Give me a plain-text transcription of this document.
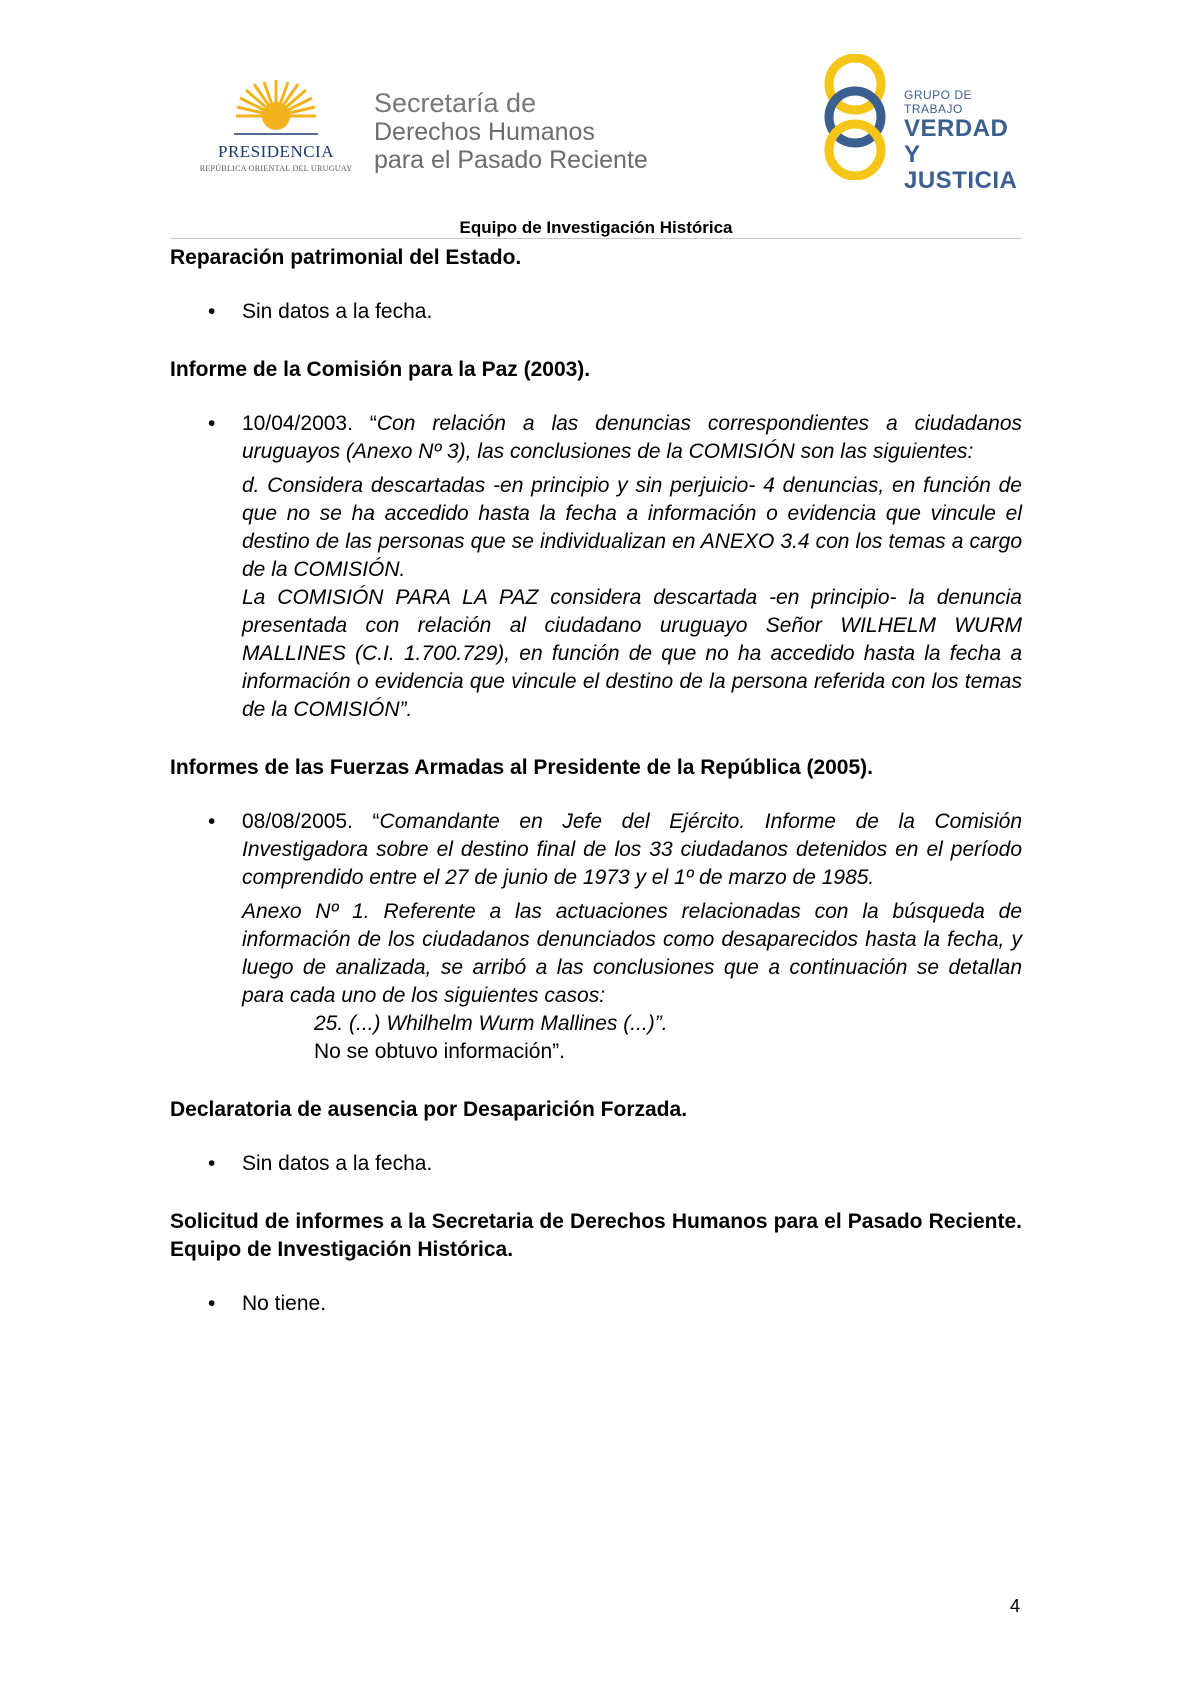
PRESIDENCIA
REPÚBLICA ORIENTAL DEL URUGUAY
Secretaría de
Derechos Humanos
para el Pasado Reciente
GRUPO DE TRABAJO
VERDAD Y
JUSTICIA
Equipo de Investigación Histórica

Reparación patrimonial del Estado.

• Sin datos a la fecha.

Informe de la Comisión para la Paz (2003).

• 10/04/2003. “Con relación a las denuncias correspondientes a ciudadanos uruguayos (Anexo Nº 3), las conclusiones de la COMISIÓN son las siguientes:

d. Considera descartadas -en principio y sin perjuicio- 4 denuncias, en función de que no se ha accedido hasta la fecha a información o evidencia que vincule el destino de las personas que se individualizan en ANEXO 3.4 con los temas a cargo de la COMISIÓN.

La COMISIÓN PARA LA PAZ considera descartada -en principio- la denuncia presentada con relación al ciudadano uruguayo Señor WILHELM WURM MALLINES (C.I. 1.700.729), en función de que no ha accedido hasta la fecha a información o evidencia que vincule el destino de la persona referida con los temas de la COMISIÓN”.

Informes de las Fuerzas Armadas al Presidente de la República (2005).

• 08/08/2005. “Comandante en Jefe del Ejército. Informe de la Comisión Investigadora sobre el destino final de los 33 ciudadanos detenidos en el período comprendido entre el 27 de junio de 1973 y el 1º de marzo de 1985.

Anexo Nº 1. Referente a las actuaciones relacionadas con la búsqueda de información de los ciudadanos denunciados como desaparecidos hasta la fecha, y luego de analizada, se arribó a las conclusiones que a continuación se detallan para cada uno de los siguientes casos:

25. (...) Whilhelm Wurm Mallines (...)”.

No se obtuvo información”.

Declaratoria de ausencia por Desaparición Forzada.

• Sin datos a la fecha.

Solicitud de informes a la Secretaria de Derechos Humanos para el Pasado Reciente. Equipo de Investigación Histórica.

• No tiene.
4
